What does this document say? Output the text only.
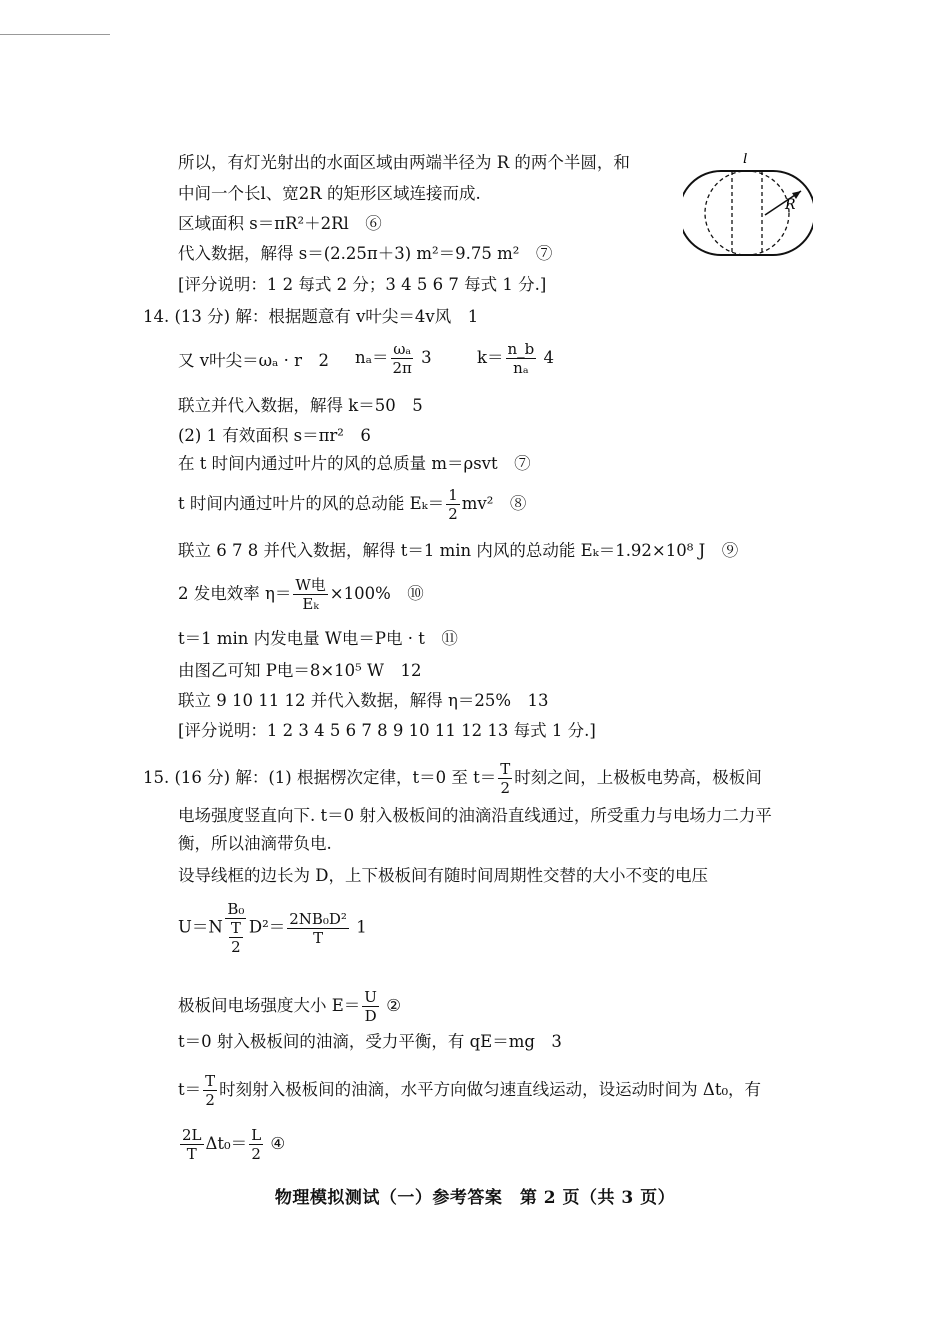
l
R
所以，有灯光射出的水面区域由两端半径为 R 的两个半圆，和
中间一个长l、宽2R 的矩形区域连接而成.
区域面积 s＝πR²＋2Rl　⑥
代入数据，解得 s＝(2.25π＋3) m²＝9.75 m²　⑦
[评分说明：1 2 每式 2 分；3 4 5 6 7 每式 1 分.]
14. (13 分) 解：根据题意有 v叶尖＝4v风　1
又 v叶尖＝ωₐ · r　2 $n_a= \frac{\text{ωₐ}}{2\pi} 3$	$k= \frac{n\_b}{\text{nₐ}} 4$
联立并代入数据，解得 k＝50　5
(2) 1 有效面积 s＝πr²　6
在 t 时间内通过叶片的风的总质量 m＝ρsvt　⑦
t 时间内通过叶片的风的总动能 $E_k= \frac{1}{2} mv^2$　⑧
联立 6 7 8 并代入数据，解得 t＝1 min 内风的总动能 Eₖ＝1.92×10⁸ J　⑨
2 发电效率 $\eta= \frac{\text{W电}}{\text{Eₖ}} \times 100\%$　⑩
t＝1 min 内发电量 W电＝P电 · t　⑪
由图乙可知 P电＝8×10⁵ W　12
联立 9 10 11 12 并代入数据，解得 η＝25%　13
[评分说明：1 2 3 4 5 6 7 8 9 10 11 12 13 每式 1 分.]
15. (16 分) 解：(1) 根据楞次定律，t＝0 至 $t= \frac{T}{2}$ 时刻之间，上极板电势高，极板间
电场强度竖直向下. t＝0 射入极板间的油滴沿直线通过，所受重力与电场力二力平
衡，所以油滴带负电.
设导线框的边长为 D，上下极板间有随时间周期性交替的大小不变的电压
$U=N \frac{\text{B₀}}{\frac{T}{2}} D^2= \frac{\text{2NB₀D²}}{T} 1$
极板间电场强度大小 $E= \frac{U}{D}$ ②
t＝0 射入极板间的油滴，受力平衡，有 qE＝mg　3
$t= \frac{T}{2}$ 时刻射入极板间的油滴，水平方向做匀速直线运动，设运动时间为 Δt₀，有
$\frac{2L}{T} \Delta t_0= \frac{L}{2}$ ④
物理模拟测试（一）参考答案　第 2 页（共 3 页）
